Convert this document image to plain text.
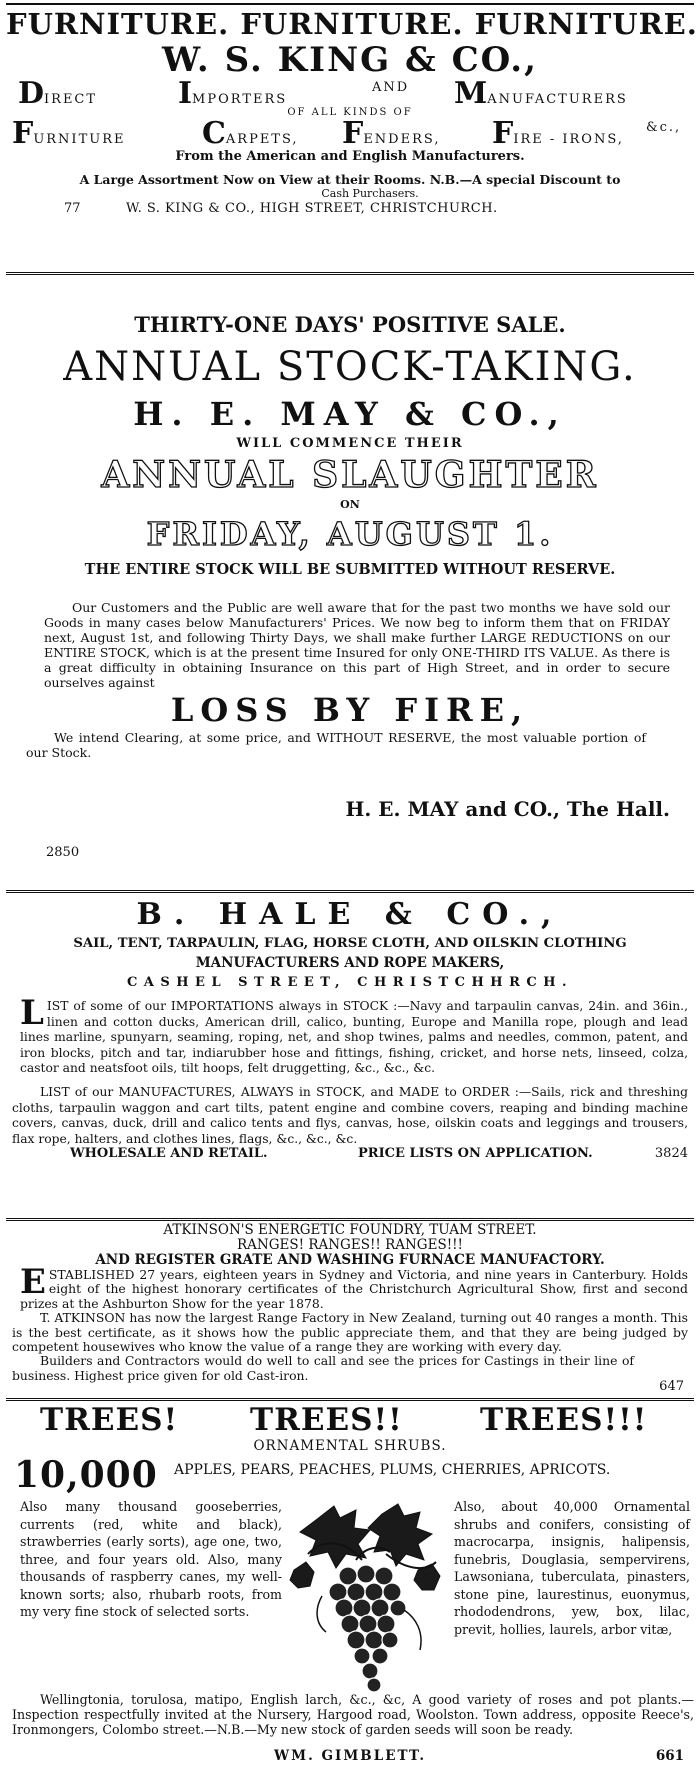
FURNITURE. FURNITURE. FURNITURE.
W. S. KING & CO.,
DIRECT	IMPORTERS
AND MANUFACTURERS
OF ALL KINDS OF
FURNITURE	CARPETS, FENDERS, FIRE - IRONS,
&c.,
From the American and English Manufacturers.
A Large Assortment Now on View at their Rooms. N.B.—A special Discount to
Cash Purchasers.
77	W. S. KING & CO., HIGH STREET, CHRISTCHURCH.
THIRTY-ONE DAYS' POSITIVE SALE.
ANNUAL STOCK-TAKING.
H. E. MAY & CO.,
WILL COMMENCE THEIR
ANNUAL SLAUGHTER
ON
FRIDAY, AUGUST 1.
THE ENTIRE STOCK WILL BE SUBMITTED WITHOUT RESERVE.
Our Customers and the Public are well aware that for the past two months we have sold our Goods in many cases below Manufacturers' Prices. We now beg to inform them that on FRIDAY next, August 1st, and following Thirty Days, we shall make further LARGE REDUCTIONS on our ENTIRE STOCK, which is at the present time Insured for only ONE-THIRD ITS VALUE. As there is a great difficulty in obtaining Insurance on this part of High Street, and in order to secure ourselves against
LOSS BY FIRE,
We intend Clearing, at some price, and WITHOUT RESERVE, the most valuable portion of our Stock.
H. E. MAY and CO., The Hall.
2850
B. HALE & CO.,
SAIL, TENT, TARPAULIN, FLAG, HORSE CLOTH, AND OILSKIN CLOTHING
MANUFACTURERS AND ROPE MAKERS,
CASHEL STREET, CHRISTCHHRCH.
LIST of some of our IMPORTATIONS always in STOCK :—Navy and tarpaulin canvas, 24in. and 36in., linen and cotton ducks, American drill, calico, bunting, Europe and Manilla rope, plough and lead lines marline, spunyarn, seaming, roping, net, and shop twines, palms and needles, common, patent, and iron blocks, pitch and tar, indiarubber hose and fittings, fishing, cricket, and horse nets, linseed, colza, castor and neatsfoot oils, tilt hoops, felt druggetting, &c., &c., &c.
LIST of our MANUFACTURES, ALWAYS in STOCK, and MADE to ORDER :—Sails, rick and threshing cloths, tarpaulin waggon and cart tilts, patent engine and combine covers, reaping and binding machine covers, canvas, duck, drill and calico tents and flys, canvas, hose, oilskin coats and leggings and trousers, flax rope, halters, and clothes lines, flags, &c., &c., &c.
WHOLESALE AND RETAIL.	PRICE LISTS ON APPLICATION.	3824
ATKINSON'S ENERGETIC FOUNDRY, TUAM STREET.
RANGES! RANGES!! RANGES!!!
AND REGISTER GRATE AND WASHING FURNACE MANUFACTORY.
ESTABLISHED 27 years, eighteen years in Sydney and Victoria, and nine years in Canterbury. Holds eight of the highest honorary certificates of the Christchurch Agricultural Show, first and second prizes at the Ashburton Show for the year 1878.
T. ATKINSON has now the largest Range Factory in New Zealand, turning out 40 ranges a month. This is the best certificate, as it shows how the public appreciate them, and that they are being judged by competent housewives who know the value of a range they are working with every day.
Builders and Contractors would do well to call and see the prices for Castings in their line of business. Highest price given for old Cast-iron.
647
TREES! TREES!! TREES!!!
ORNAMENTAL SHRUBS.
10,000 APPLES, PEARS, PEACHES, PLUMS, CHERRIES, APRICOTS.
Also many thousand gooseberries, currents (red, white and black), strawberries (early sorts), age one, two, three, and four years old. Also, many thousands of raspberry canes, my well-known sorts; also, rhubarb roots, from my very fine stock of selected sorts.
Also, about 40,000 Ornamental shrubs and conifers, consisting of macrocarpa, insignis, halipensis, funebris, Douglasia, sempervirens, Lawsoniana, tuberculata, pinasters, stone pine, laurestinus, euonymus, rhododendrons, yew, box, lilac, previt, hollies, laurels, arbor vitæ,
Wellingtonia, torulosa, matipo, English larch, &c., &c, A good variety of roses and pot plants.—Inspection respectfully invited at the Nursery, Hargood road, Woolston. Town address, opposite Reece's, Ironmongers, Colombo street.—N.B.—My new stock of garden seeds will soon be ready.
WM. GIMBLETT.	661
